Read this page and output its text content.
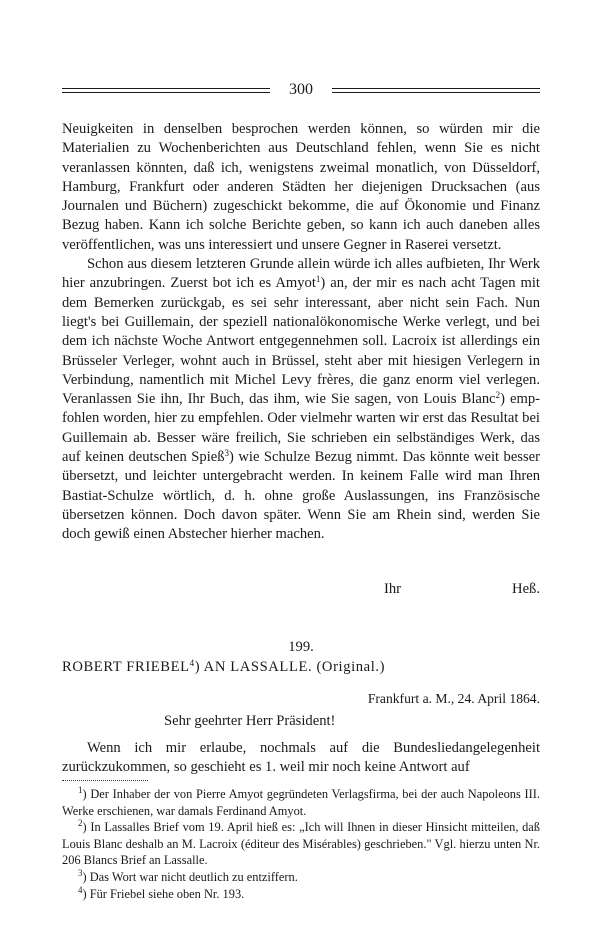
300

Neuigkeiten in denselben besprochen werden können, so würden mir die Materialien zu Wochenberichten aus Deutschland fehlen, wenn Sie es nicht veranlassen könnten, daß ich, wenigstens zweimal monatlich, von Düsseldorf, Hamburg, Frankfurt oder anderen Städten her diejenigen Drucksachen (aus Journalen und Büchern) zugeschickt bekomme, die auf Ökonomie und Finanz Bezug haben. Kann ich solche Berichte geben, so kann ich auch daneben alles veröffentlichen, was uns interessiert und unsere Gegner in Raserei versetzt.

Schon aus diesem letzteren Grunde allein würde ich alles aufbieten, Ihr Werk hier anzubringen. Zuerst bot ich es Amyot$^1$) an, der mir es nach acht Tagen mit dem Bemerken zurückgab, es sei sehr interessant, aber nicht sein Fach. Nun liegt's bei Guillemain, der speziell nationalökonomische Werke verlegt, und bei dem ich nächste Woche Antwort entgegennehmen soll. Lacroix ist allerdings ein Brüsseler Verleger, wohnt auch in Brüssel, steht aber mit hiesigen Verlegern in Verbindung, namentlich mit Michel Levy frères, die ganz enorm viel verlegen. Veranlassen Sie ihn, Ihr Buch, das ihm, wie Sie sagen, von Louis Blanc$^2$) empfohlen worden, hier zu empfehlen. Oder vielmehr warten wir erst das Resultat bei Guillemain ab. Besser wäre freilich, Sie schrieben ein selbständiges Werk, das auf keinen deutschen Spieß$^3$) wie Schulze Bezug nimmt. Das könnte weit besser übersetzt, und leichter untergebracht werden. In keinem Falle wird man Ihren Bastiat-Schulze wörtlich, d. h. ohne große Auslassungen, ins Französische übersetzen können. Doch davon später. Wenn Sie am Rhein sind, werden Sie doch gewiß einen Abstecher hierher machen.

Ihr	Heß.
199.
ROBERT FRIEBEL$^4$) AN LASSALLE. (Original.)
Frankfurt a. M., 24. April 1864.
Sehr geehrter Herr Präsident!

Wenn ich mir erlaube, nochmals auf die Bundesliedangelegenheit zurückzukommen, so geschieht es 1. weil mir noch keine Antwort auf

$^1$) Der Inhaber der von Pierre Amyot gegründeten Verlagsfirma, bei der auch Napoleons III. Werke erschienen, war damals Ferdinand Amyot.

$^2$) In Lassalles Brief vom 19. April hieß es: „Ich will Ihnen in dieser Hinsicht mitteilen, daß Louis Blanc deshalb an M. Lacroix (éditeur des Misérables) geschrieben." Vgl. hierzu unten Nr. 206 Blancs Brief an Lassalle.

$^3$) Das Wort war nicht deutlich zu entziffern.

$^4$) Für Friebel siehe oben Nr. 193.
